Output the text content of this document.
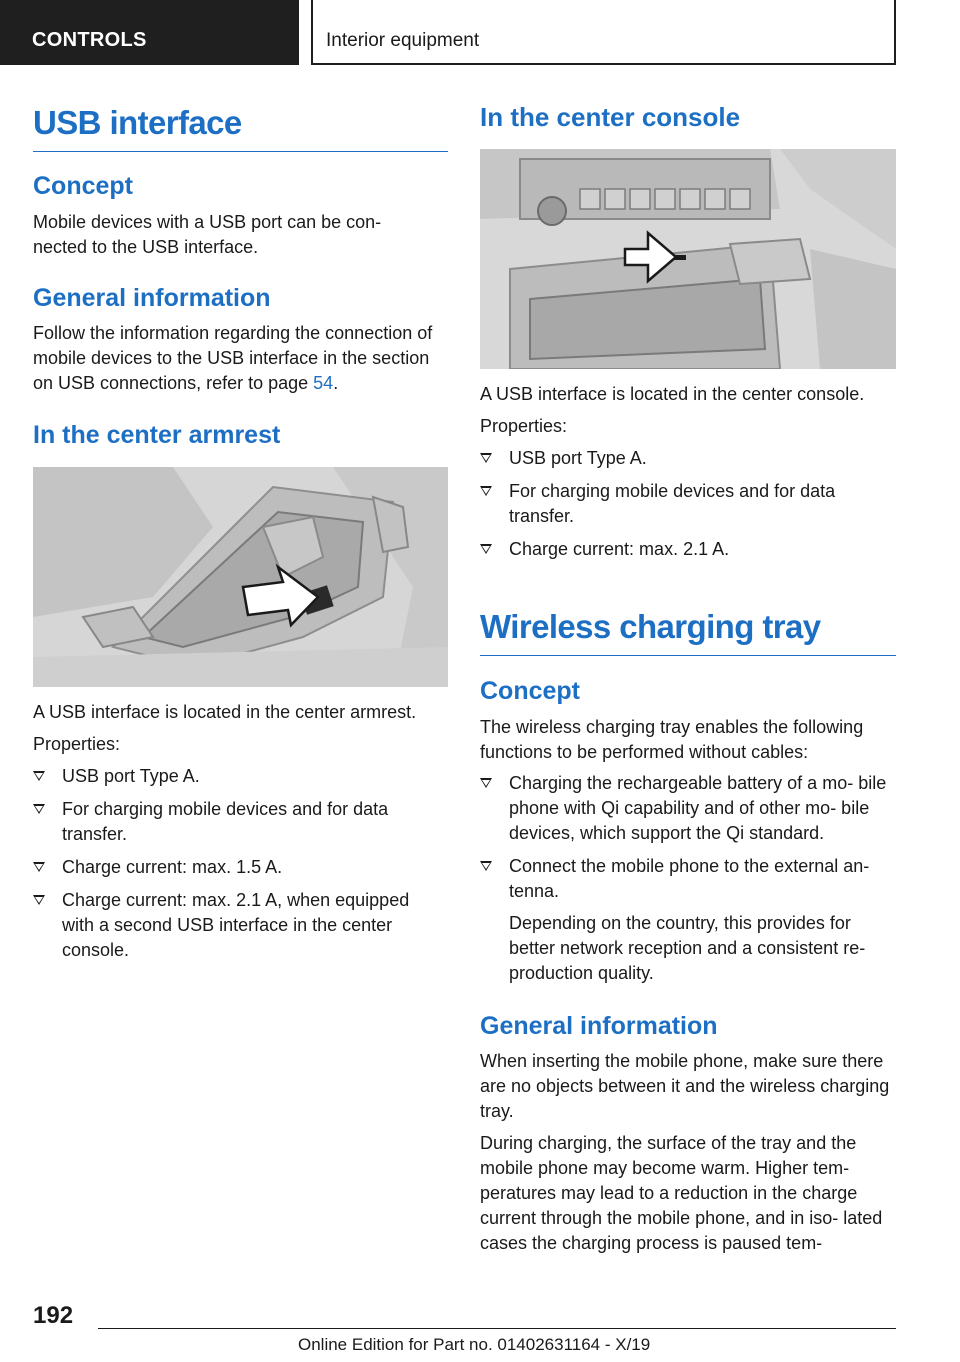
CONTROLS	Interior equipment
USB interface
Concept

Mobile devices with a USB port can be con‐ nected to the USB interface.

General information

Follow the information regarding the connection of mobile devices to the USB interface in the section on USB connections, refer to page 54.

In the center armrest

A USB interface is located in the center armrest.

Properties:

USB port Type A.
For charging mobile devices and for data transfer.
Charge current: max. 1.5 A.
Charge current: max. 2.1 A, when equipped with a second USB interface in the center console.
In the center console

A USB interface is located in the center console.

Properties:

USB port Type A.
For charging mobile devices and for data transfer.
Charge current: max. 2.1 A.
Wireless charging tray
Concept

The wireless charging tray enables the following functions to be performed without cables:

Charging the rechargeable battery of a mo‐ bile phone with Qi capability and of other mo‐ bile devices, which support the Qi standard.
Connect the mobile phone to the external an‐ tenna.

Depending on the country, this provides for better network reception and a consistent re‐ production quality.

General information

When inserting the mobile phone, make sure there are no objects between it and the wireless charging tray.

During charging, the surface of the tray and the mobile phone may become warm. Higher tem‐ peratures may lead to a reduction in the charge current through the mobile phone, and in iso‐ lated cases the charging process is paused tem‐

192
Online Edition for Part no. 01402631164 - X/19
